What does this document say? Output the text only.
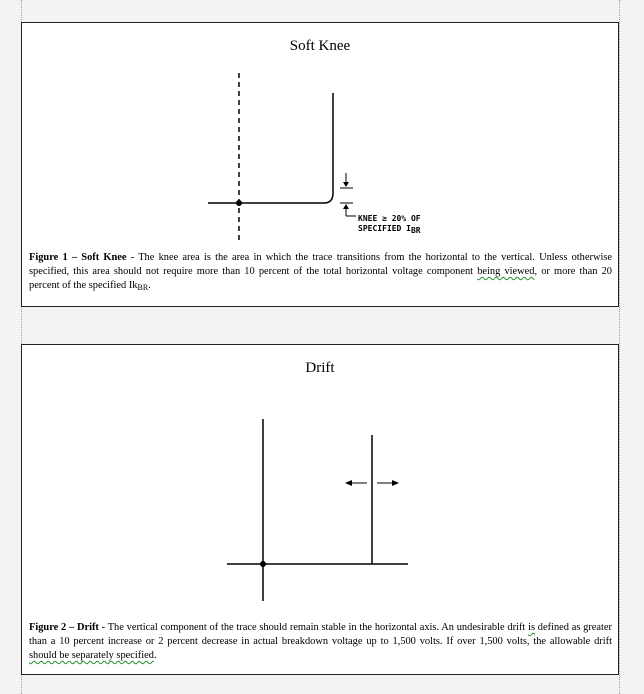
Soft Knee
KNEE ≥ 20% OF
SPECIFIED IBR
Figure 1 – Soft Knee - The knee area is the area in which the trace transitions from the horizontal to the vertical. Unless otherwise specified, this area should not require more than 10 percent of the total horizontal voltage component being viewed, or more than 20 percent of the specified $Ik_{BR}$.
Drift
Figure 2 – Drift - The vertical component of the trace should remain stable in the horizontal axis. An undesirable drift is defined as greater than a 10 percent increase or 2 percent decrease in actual breakdown voltage up to 1,500 volts. If over 1,500 volts, the allowable drift should be separately specified.
